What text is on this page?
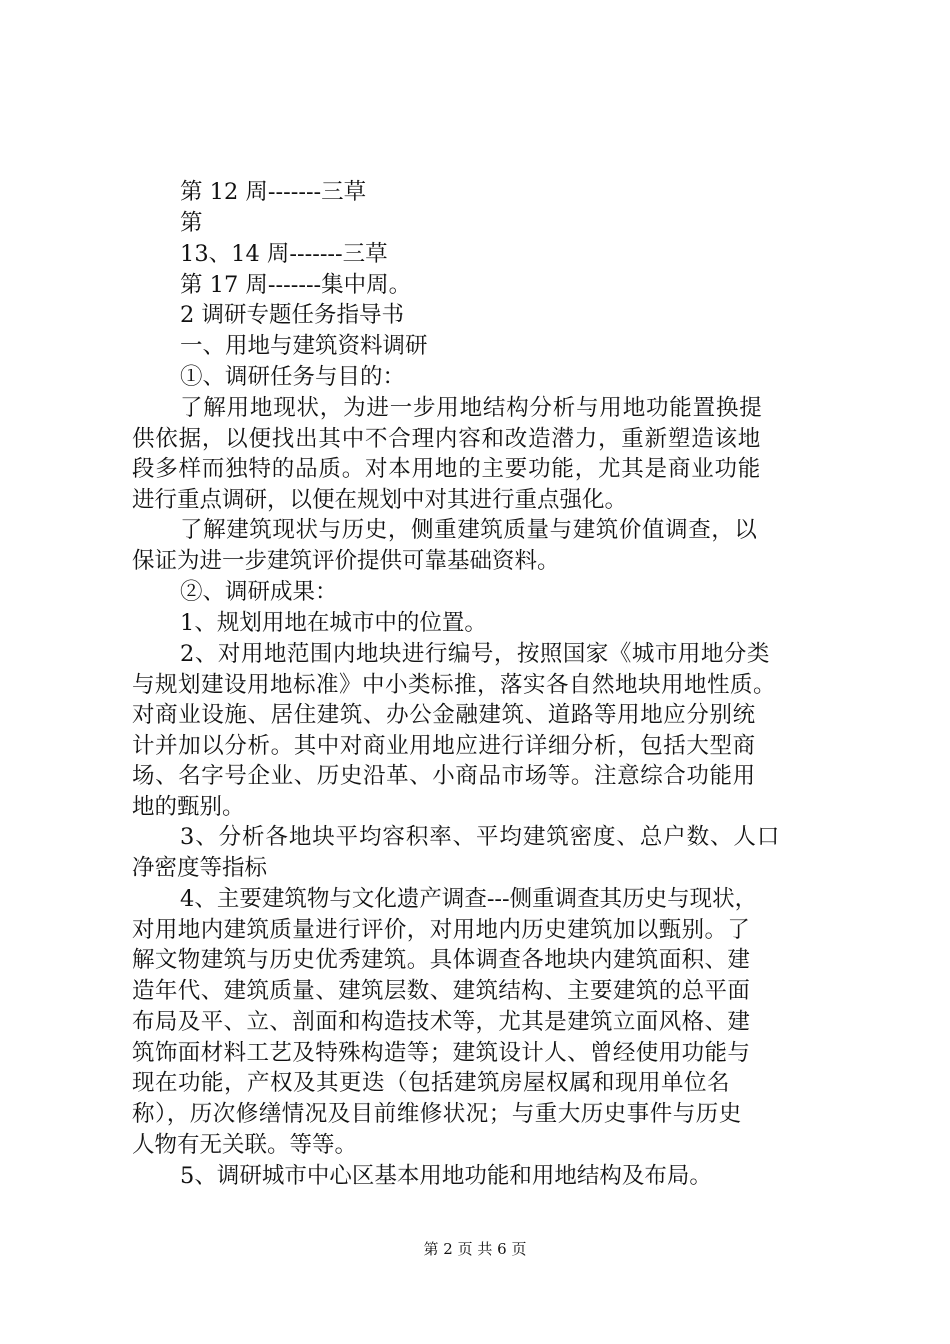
第 12 周-------三草
第
13、14 周-------三草
第 17 周-------集中周。
2 调研专题任务指导书
一、用地与建筑资料调研
①、调研任务与目的：
了解用地现状，为进一步用地结构分析与用地功能置换提
供依据，以便找出其中不合理内容和改造潜力，重新塑造该地
段多样而独特的品质。对本用地的主要功能，尤其是商业功能
进行重点调研，以便在规划中对其进行重点强化。
了解建筑现状与历史，侧重建筑质量与建筑价值调查，以
保证为进一步建筑评价提供可靠基础资料。
②、调研成果：
1、规划用地在城市中的位置。
2、对用地范围内地块进行编号，按照国家《城市用地分类
与规划建设用地标准》中小类标推，落实各自然地块用地性质。
对商业设施、居住建筑、办公金融建筑、道路等用地应分别统
计并加以分析。其中对商业用地应进行详细分析，包括大型商
场、名字号企业、历史沿革、小商品市场等。注意综合功能用
地的甄别。
3、分析各地块平均容积率、平均建筑密度、总户数、人口
净密度等指标
4、主要建筑物与文化遗产调查---侧重调查其历史与现状，
对用地内建筑质量进行评价，对用地内历史建筑加以甄别。了
解文物建筑与历史优秀建筑。具体调查各地块内建筑面积、建
造年代、建筑质量、建筑层数、建筑结构、主要建筑的总平面
布局及平、立、剖面和构造技术等，尤其是建筑立面风格、建
筑饰面材料工艺及特殊构造等；建筑设计人、曾经使用功能与
现在功能，产权及其更迭（包括建筑房屋权属和现用单位名
称），历次修缮情况及目前维修状况；与重大历史事件与历史
人物有无关联。等等。
5、调研城市中心区基本用地功能和用地结构及布局。
第 2 页 共 6 页
